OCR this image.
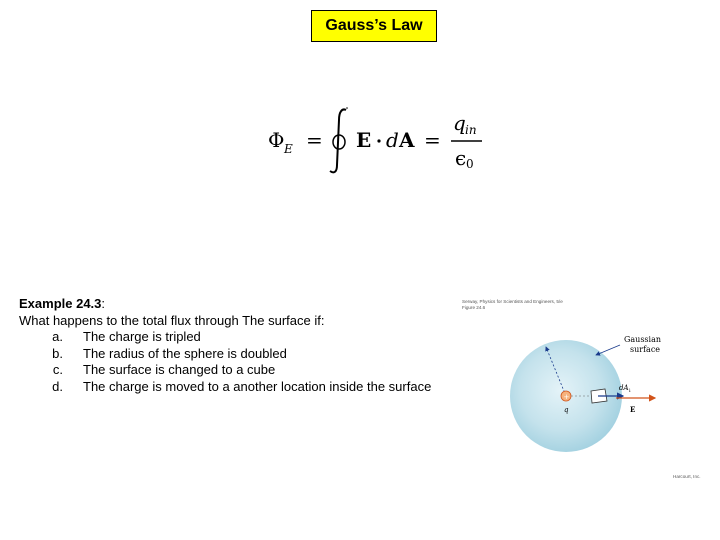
Gauss’s Law
Φ E = E d A =
q in
ϵ 0
Example 24.3:
What happens to the total flux through The surface if:
a.	The charge is tripled
b.	The radius of the sphere is doubled
c.	The surface is changed to a cube
d.	The charge is moved to a another location inside the surface
Serway, Physics for Scientists and Engineers, 5/e
Figure 24.6
+
q
Gaussian
surface
dA i
E
Harcourt, Inc.
